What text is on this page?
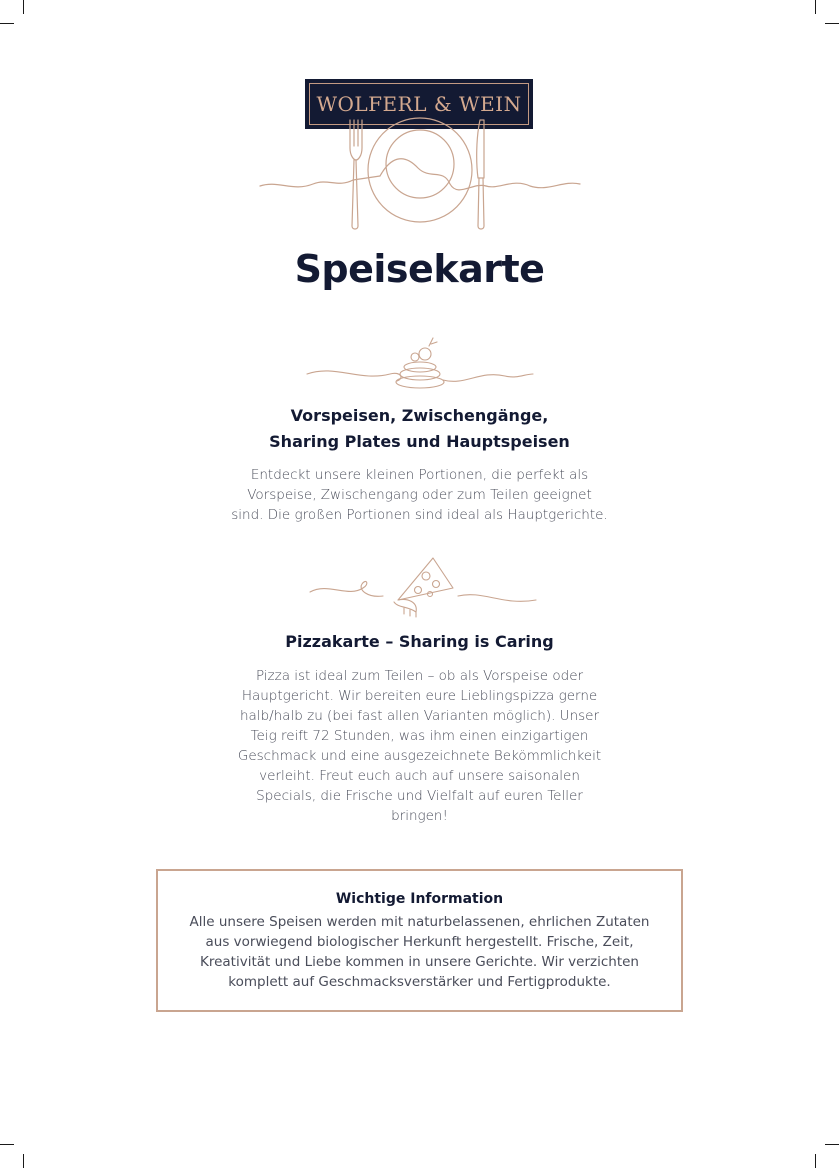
WOLFERL & WEIN
Speisekarte
Vorspeisen, Zwischengänge,
Sharing Plates und Hauptspeisen
Entdeckt unsere kleinen Portionen, die perfekt als Vorspeise, Zwischengang oder zum Teilen geeignet sind. Die großen Portionen sind ideal als Hauptgerichte.
Pizzakarte – Sharing is Caring
Pizza ist ideal zum Teilen – ob als Vorspeise oder Hauptgericht. Wir bereiten eure Lieblingspizza gerne halb/halb zu (bei fast allen Varianten möglich). Unser Teig reift 72 Stunden, was ihm einen einzigartigen Geschmack und eine ausgezeichnete Bekömmlichkeit verleiht. Freut euch auch auf unsere saisonalen Specials, die Frische und Vielfalt auf euren Teller bringen!
Wichtige Information
Alle unsere Speisen werden mit naturbelassenen, ehrlichen Zutaten aus vorwiegend biologischer Herkunft hergestellt. Frische, Zeit, Kreativität und Liebe kommen in unsere Gerichte. Wir verzichten komplett auf Geschmacksverstärker und Fertigprodukte.
